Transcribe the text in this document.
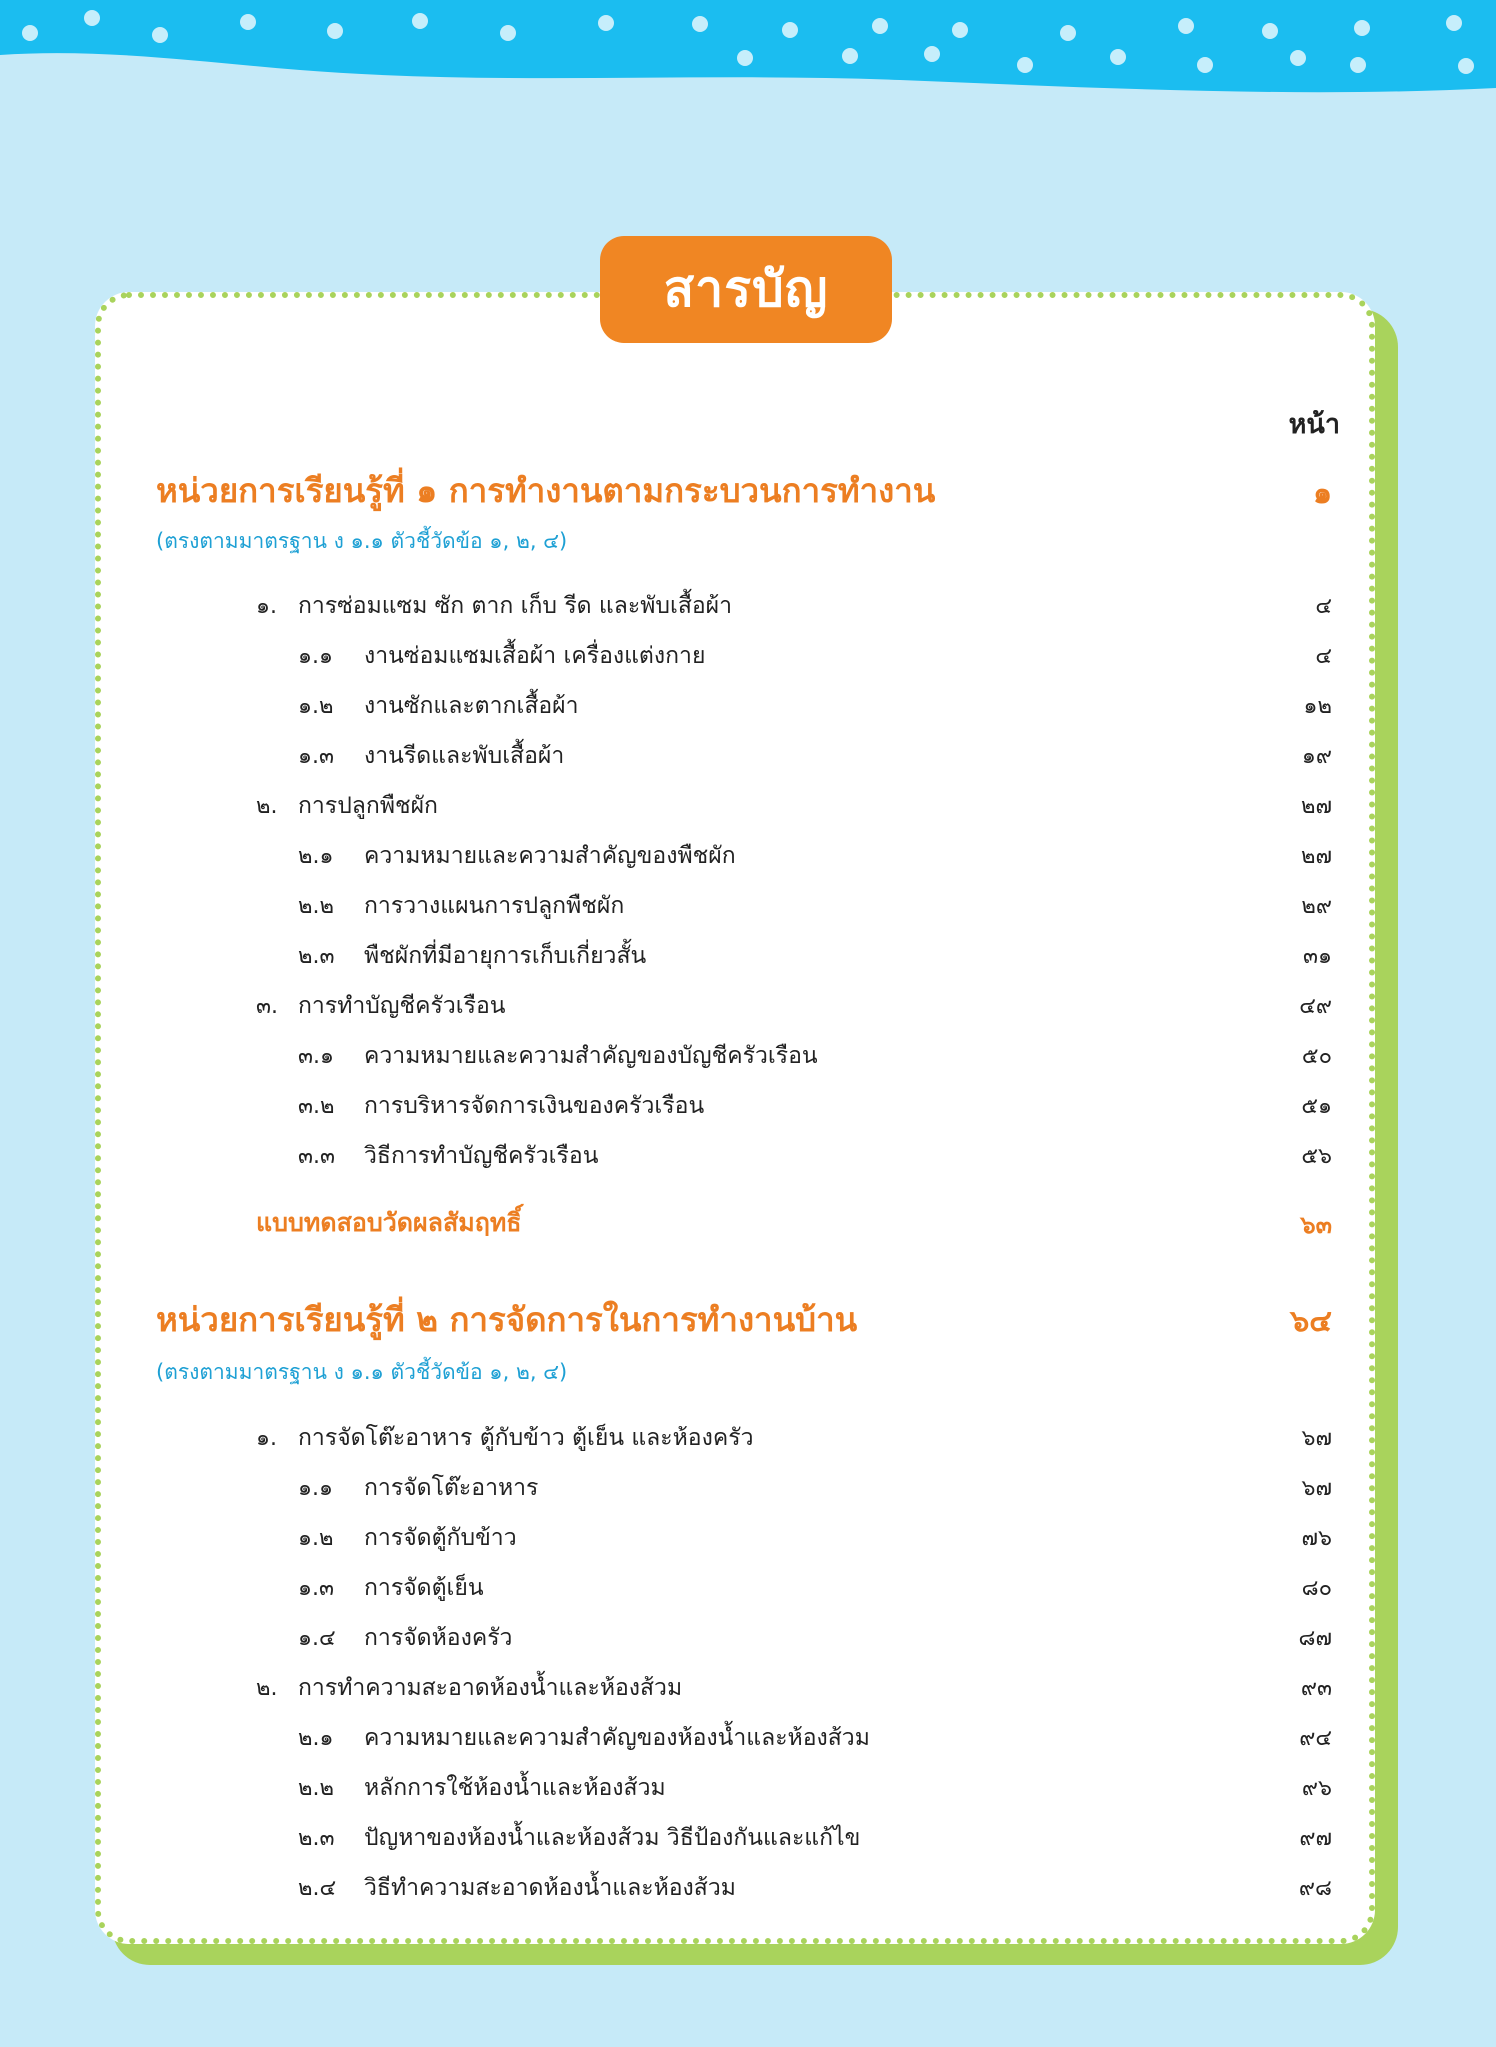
สารบัญ
หน้า
หน่วยการเรียนรู้ที่ ๑ การทำงานตามกระบวนการทำงาน	๑
(ตรงตามมาตรฐาน ง ๑.๑ ตัวชี้วัดข้อ ๑, ๒, ๔)
๑. การซ่อมแซม ซัก ตาก เก็บ รีด และพับเสื้อผ้า	๔
๑.๑ งานซ่อมแซมเสื้อผ้า เครื่องแต่งกาย	๔
๑.๒ งานซักและตากเสื้อผ้า	๑๒
๑.๓ งานรีดและพับเสื้อผ้า	๑๙
๒. การปลูกพืชผัก	๒๗
๒.๑ ความหมายและความสำคัญของพืชผัก	๒๗
๒.๒ การวางแผนการปลูกพืชผัก	๒๙
๒.๓ พืชผักที่มีอายุการเก็บเกี่ยวสั้น	๓๑
๓. การทำบัญชีครัวเรือน	๔๙
๓.๑ ความหมายและความสำคัญของบัญชีครัวเรือน	๕๐
๓.๒ การบริหารจัดการเงินของครัวเรือน	๕๑
๓.๓ วิธีการทำบัญชีครัวเรือน	๕๖
แบบทดสอบวัดผลสัมฤทธิ์	๖๓
หน่วยการเรียนรู้ที่ ๒ การจัดการในการทำงานบ้าน	๖๔
(ตรงตามมาตรฐาน ง ๑.๑ ตัวชี้วัดข้อ ๑, ๒, ๔)
๑. การจัดโต๊ะอาหาร ตู้กับข้าว ตู้เย็น และห้องครัว	๖๗
๑.๑ การจัดโต๊ะอาหาร	๖๗
๑.๒ การจัดตู้กับข้าว	๗๖
๑.๓ การจัดตู้เย็น	๘๐
๑.๔ การจัดห้องครัว	๘๗
๒. การทำความสะอาดห้องน้ำและห้องส้วม	๙๓
๒.๑ ความหมายและความสำคัญของห้องน้ำและห้องส้วม	๙๔
๒.๒ หลักการใช้ห้องน้ำและห้องส้วม	๙๖
๒.๓ ปัญหาของห้องน้ำและห้องส้วม วิธีป้องกันและแก้ไข	๙๗
๒.๔ วิธีทำความสะอาดห้องน้ำและห้องส้วม	๙๘
